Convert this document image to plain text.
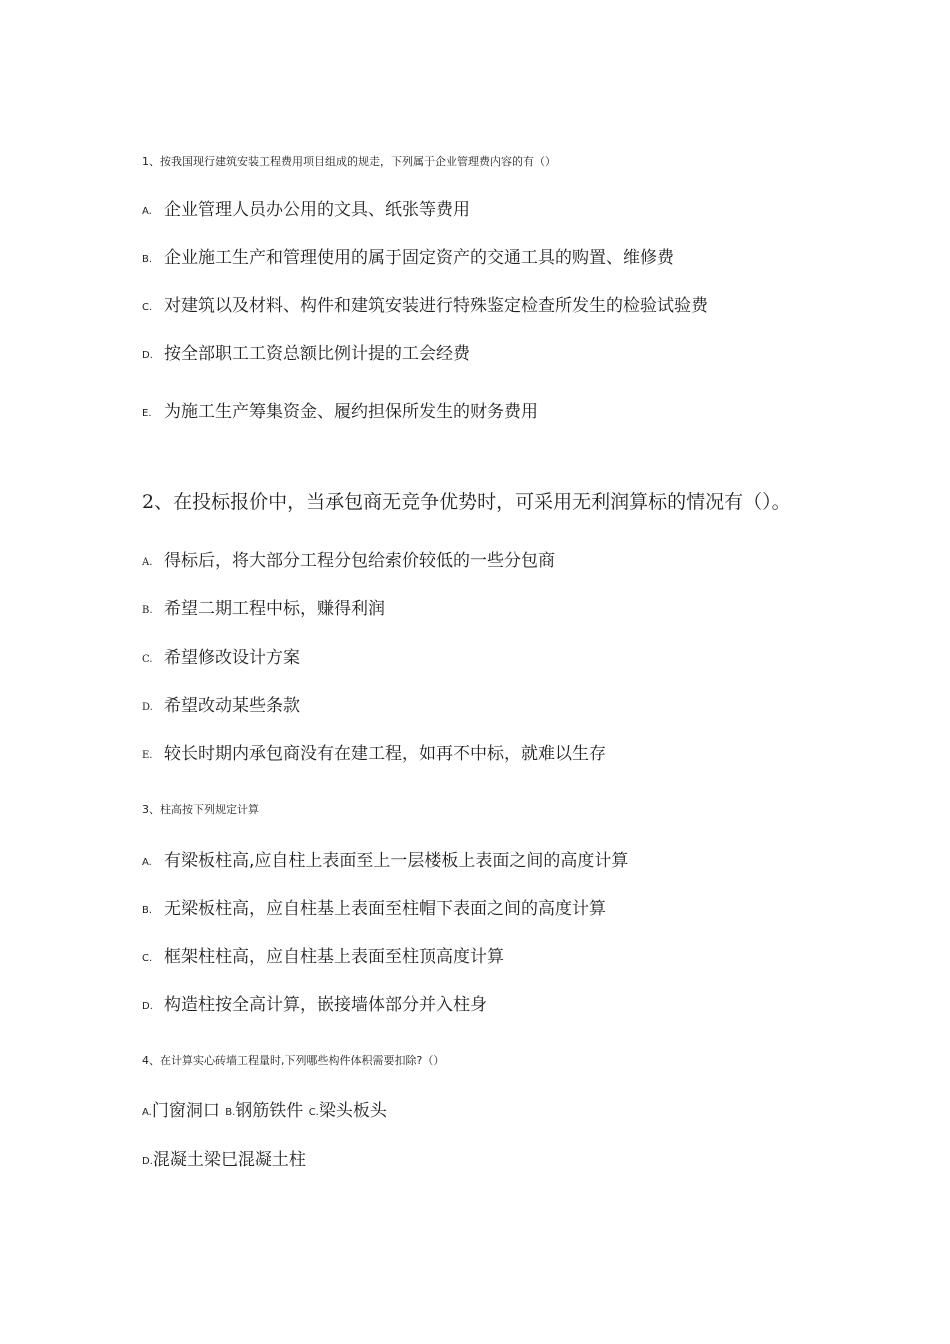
1、按我国现行建筑安装工程费用项目组成的规走，下列属于企业管理费内容的有（）
A. 企业管理人员办公用的文具、纸张等费用
B. 企业施工生产和管理使用的属于固定资产的交通工具的购置、维修费
C. 对建筑以及材料、构件和建筑安装进行特殊鉴定检查所发生的检验试验费
D. 按全部职工工资总额比例计提的工会经费
E. 为施工生产筹集资金、履约担保所发生的财务费用
2、在投标报价中，当承包商无竞争优势时，可采用无利润算标的情况有（）。
A. 得标后，将大部分工程分包给索价较低的一些分包商
B. 希望二期工程中标，赚得利润
C. 希望修改设计方案
D. 希望改动某些条款
E. 较长时期内承包商没有在建工程，如再不中标，就难以生存
3、柱高按下列规定计算
A. 有梁板柱高,应自柱上表面至上一层楼板上表面之间的高度计算
B. 无梁板柱高，应自柱基上表面至柱帽下表面之间的高度计算
C. 框架柱柱高，应自柱基上表面至柱顶高度计算
D. 构造柱按全高计算，嵌接墙体部分并入柱身
4、在计算实心砖墙工程量时,下列哪些构件体积需要扣除?（）
A.门窗洞口 B.钢筋铁件 C.梁头板头
D.混凝土梁巳混凝土柱
